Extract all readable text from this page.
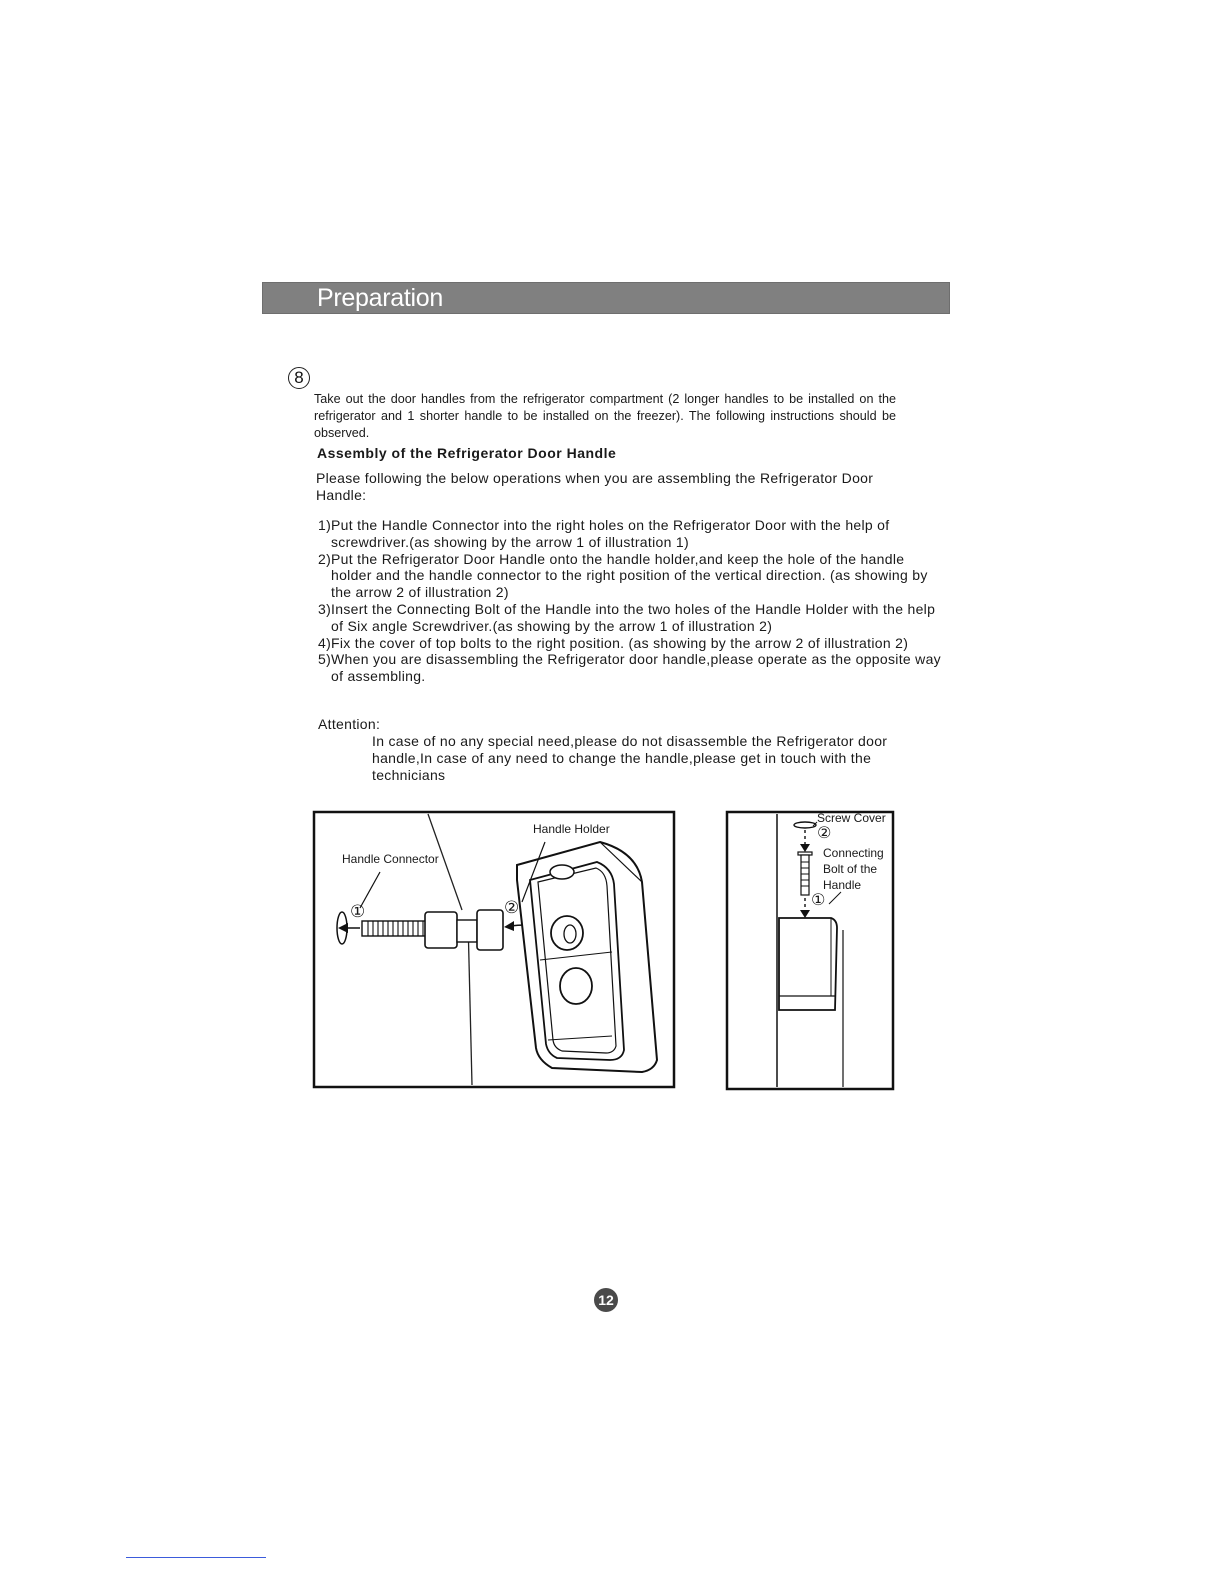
Preparation
8
Take out the door handles from the refrigerator compartment (2 longer handles to be installed on the refrigerator and 1 shorter handle to be installed on the freezer). The following instructions should be observed.
Assembly of the Refrigerator Door Handle
Please following the below operations when you are assembling the Refrigerator Door Handle:
1)Put the Handle Connector into the right holes on the Refrigerator Door with the help of screwdriver.(as showing by the arrow 1 of illustration 1)
2)Put the Refrigerator Door Handle onto the handle holder,and keep the hole of the handle holder and the handle connector to the right position of the vertical direction. (as showing by the arrow 2 of illustration 2)
3)Insert the Connecting Bolt of the Handle into the two holes of the Handle Holder with the help of Six angle Screwdriver.(as showing by the arrow 1 of illustration 2)
4)Fix the cover of top bolts to the right position. (as showing by the arrow 2 of illustration 2)
5)When you are disassembling the Refrigerator door handle,please operate as the opposite way of assembling.
Attention:
In case of no any special need,please do not disassemble the Refrigerator door handle,In case of any need to change the handle,please get in touch with the technicians
Handle Holder
Handle Connector
①	②
Screw Cover
②
Connecting
Bolt of the
Handle
①
12
